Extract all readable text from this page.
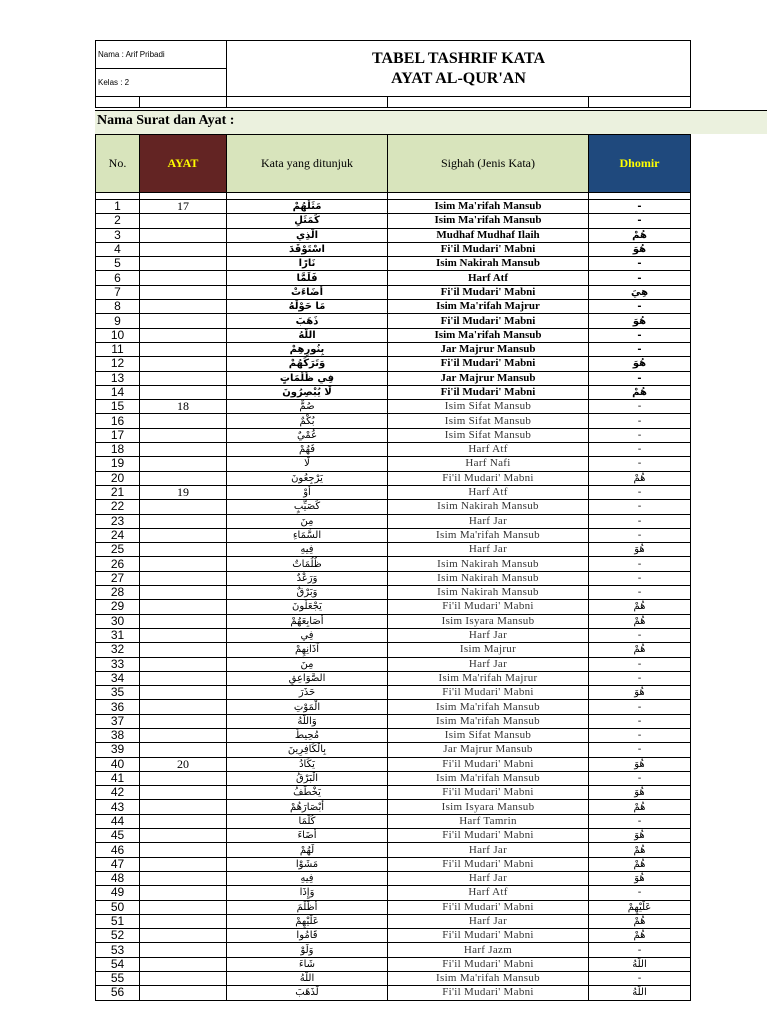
Nama : Arif Pribadi		TABEL TASHRIF KATA
AYAT AL-QUR'AN		

Kelas : 2				

Nama Surat dan Ayat :
No.	AYAT	Kata yang ditunjuk	Sighah (Jenis Kata)	Dhomir

1	17	مَثَلُهُمْ	Isim Ma'rifah Mansub	-
2		كَمَثَلِ	Isim Ma'rifah Mansub	-
3		الَّذِي	Mudhaf Mudhaf Ilaih	هُمْ
4		اسْتَوْقَدَ	Fi'il Mudari' Mabni	هُوَ
5		نَارًا	Isim Nakirah Mansub	-
6		فَلَمَّا	Harf Atf	-
7		أَضَاءَتْ	Fi'il Mudari' Mabni	هِيَ
8		مَا حَوْلَهُ	Isim Ma'rifah Majrur	-
9		ذَهَبَ	Fi'il Mudari' Mabni	هُوَ
10		اللَّهُ	Isim Ma'rifah Mansub	-
11		بِنُورِهِمْ	Jar Majrur Mansub	-
12		وَتَرَكَهُمْ	Fi'il Mudari' Mabni	هُوَ
13		فِي ظُلُمَاتٍ	Jar Majrur Mansub	-
14		لَا يُبْصِرُونَ	Fi'il Mudari' Mabni	هُمْ
15	18	صُمٌّ	Isim Sifat Mansub	-
16		بُكْمٌ	Isim Sifat Mansub	-
17		عُمْيٌ	Isim Sifat Mansub	-
18		فَهُمْ	Harf Atf	-
19		لَا	Harf Nafi	-
20		يَرْجِعُونَ	Fi'il Mudari' Mabni	هُمْ
21	19	أَوْ	Harf Atf	-
22		كَصَيِّبٍ	Isim Nakirah Mansub	-
23		مِنَ	Harf Jar	-
24		السَّمَاءِ	Isim Ma'rifah Mansub	-
25		فِيهِ	Harf Jar	هُوَ
26		ظُلُمَاتٌ	Isim Nakirah Mansub	-
27		وَرَعْدٌ	Isim Nakirah Mansub	-
28		وَبَرْقٌ	Isim Nakirah Mansub	-
29		يَجْعَلُونَ	Fi'il Mudari' Mabni	هُمْ
30		أَصَابِعَهُمْ	Isim Isyara Mansub	هُمْ
31		فِي	Harf Jar	-
32		آذَانِهِمْ	Isim Majrur	هُمْ
33		مِنَ	Harf Jar	-
34		الصَّوَاعِقِ	Isim Ma'rifah Majrur	-
35		حَذَرَ	Fi'il Mudari' Mabni	هُوَ
36		الْمَوْتِ	Isim Ma'rifah Mansub	-
37		وَاللَّهُ	Isim Ma'rifah Mansub	-
38		مُحِيطٌ	Isim Sifat Mansub	-
39		بِالْكَافِرِينَ	Jar Majrur Mansub	-
40	20	يَكَادُ	Fi'il Mudari' Mabni	هُوَ
41		الْبَرْقُ	Isim Ma'rifah Mansub	-
42		يَخْطَفُ	Fi'il Mudari' Mabni	هُوَ
43		أَبْصَارَهُمْ	Isim Isyara Mansub	هُمْ
44		كُلَّمَا	Harf Tamrin	-
45		أَضَاءَ	Fi'il Mudari' Mabni	هُوَ
46		لَهُمْ	Harf Jar	هُمْ
47		مَشَوْا	Fi'il Mudari' Mabni	هُمْ
48		فِيهِ	Harf Jar	هُوَ
49		وَإِذَا	Harf Atf	-
50		أَظْلَمَ	Fi'il Mudari' Mabni	عَلَيْهِمْ
51		عَلَيْهِمْ	Harf Jar	هُمْ
52		قَامُوا	Fi'il Mudari' Mabni	هُمْ
53		وَلَوْ	Harf Jazm	-
54		شَاءَ	Fi'il Mudari' Mabni	اللَّهُ
55		اللَّهُ	Isim Ma'rifah Mansub	-
56		لَذَهَبَ	Fi'il Mudari' Mabni	اللَّهُ
